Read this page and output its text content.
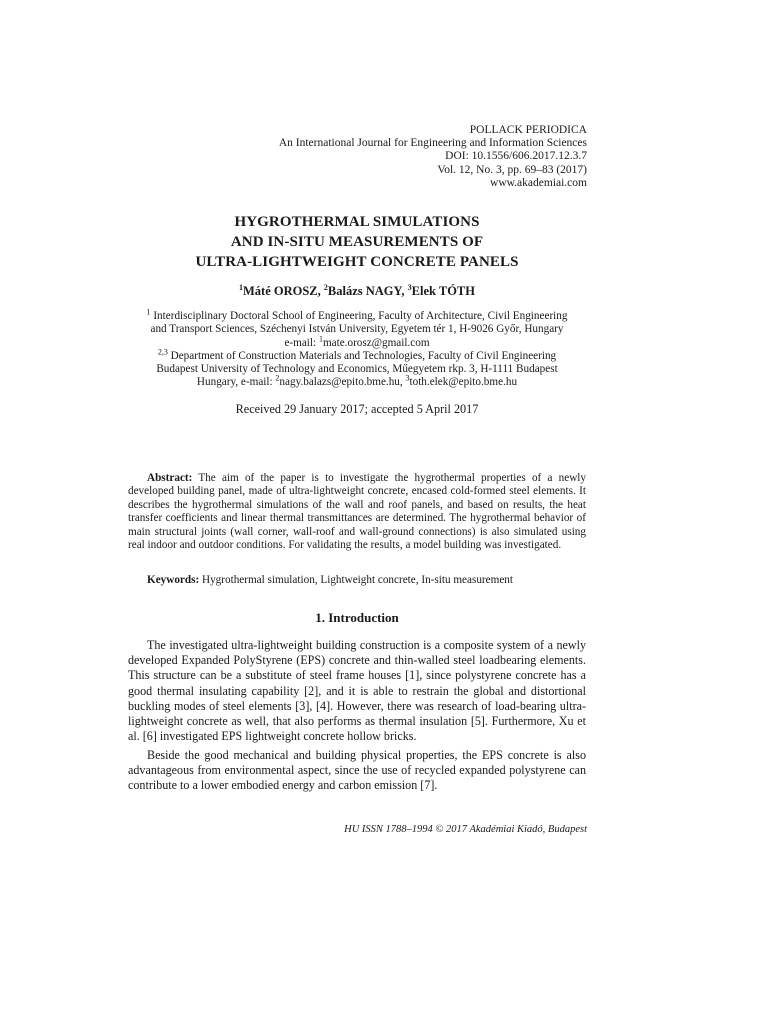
POLLACK PERIODICA
An International Journal for Engineering and Information Sciences
DOI: 10.1556/606.2017.12.3.7
Vol. 12, No. 3, pp. 69–83 (2017)
www.akademiai.com
HYGROTHERMAL SIMULATIONS
AND IN-SITU MEASUREMENTS OF
ULTRA-LIGHTWEIGHT CONCRETE PANELS
$^1$Máté OROSZ, $^2$Balázs NAGY, $^3$Elek TÓTH
$^1$ Interdisciplinary Doctoral School of Engineering, Faculty of Architecture, Civil Engineering
and Transport Sciences, Széchenyi István University, Egyetem tér 1, H-9026 Győr, Hungary
e-mail: $^1$mate.orosz@gmail.com
$^{2,3}$ Department of Construction Materials and Technologies, Faculty of Civil Engineering
Budapest University of Technology and Economics, Műegyetem rkp. 3, H-1111 Budapest
Hungary, e-mail: $^2$nagy.balazs@epito.bme.hu, $^3$toth.elek@epito.bme.hu
Received 29 January 2017; accepted 5 April 2017
Abstract: The aim of the paper is to investigate the hygrothermal properties of a newly developed building panel, made of ultra-lightweight concrete, encased cold-formed steel elements. It describes the hygrothermal simulations of the wall and roof panels, and based on results, the heat transfer coefficients and linear thermal transmittances are determined. The hygrothermal behavior of main structural joints (wall corner, wall-roof and wall-ground connections) is also simulated using real indoor and outdoor conditions. For validating the results, a model building was investigated.
Keywords: Hygrothermal simulation, Lightweight concrete, In-situ measurement
1. Introduction
The investigated ultra-lightweight building construction is a composite system of a newly developed Expanded PolyStyrene (EPS) concrete and thin-walled steel loadbearing elements. This structure can be a substitute of steel frame houses [1], since polystyrene concrete has a good thermal insulating capability [2], and it is able to restrain the global and distortional buckling modes of steel elements [3], [4]. However, there was research of load-bearing ultra-lightweight concrete as well, that also performs as thermal insulation [5]. Furthermore, Xu et al. [6] investigated EPS lightweight concrete hollow bricks.
Beside the good mechanical and building physical properties, the EPS concrete is also advantageous from environmental aspect, since the use of recycled expanded polystyrene can contribute to a lower embodied energy and carbon emission [7].
HU ISSN 1788–1994 © 2017 Akadémiai Kiadó, Budapest
